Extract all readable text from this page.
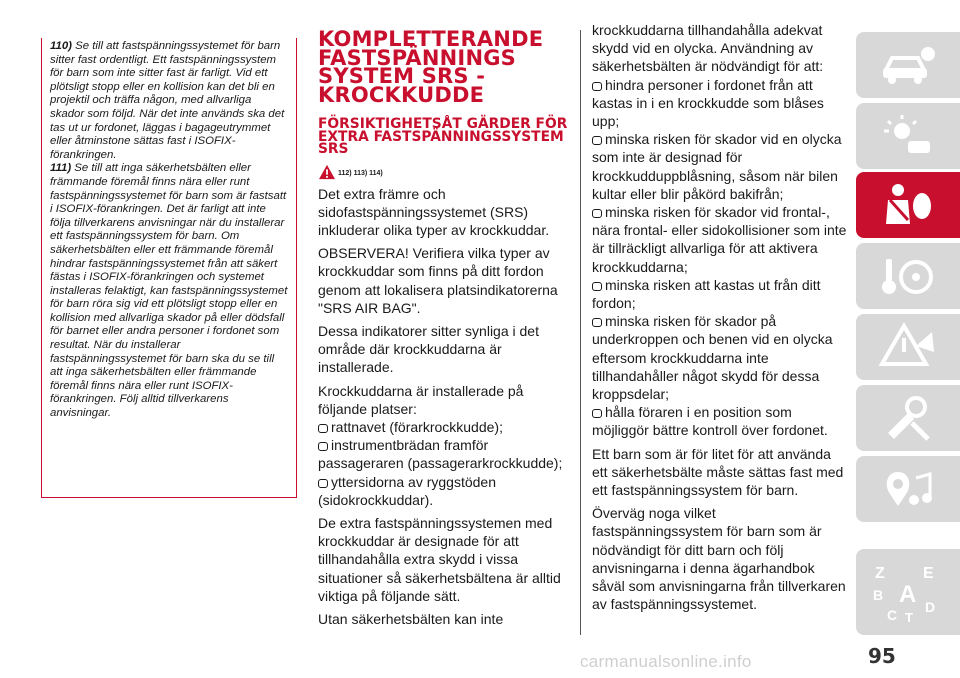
110) Se till att fastspänningssystemet för barn sitter fast ordentligt. Ett fastspänningssystem för barn som inte sitter fast är farligt. Vid ett plötsligt stopp eller en kollision kan det bli en projektil och träffa någon, med allvarliga skador som följd. När det inte används ska det tas ut ur fordonet, läggas i bagageutrymmet eller åtminstone sättas fast i ISOFIX-förankringen.

111) Se till att inga säkerhetsbälten eller främmande föremål finns nära eller runt fastspänningssystemet för barn som är fastsatt i ISOFIX-förankringen. Det är farligt att inte följa tillverkarens anvisningar när du installerar ett fastspänningssystem för barn. Om säkerhetsbälten eller ett främmande föremål hindrar fastspänningssystemet från att säkert fästas i ISOFIX-förankringen och systemet installeras felaktigt, kan fastspänningssystemet för barn röra sig vid ett plötsligt stopp eller en kollision med allvarliga skador på eller dödsfall för barnet eller andra personer i fordonet som resultat. När du installerar fastspänningssystemet för barn ska du se till att inga säkerhetsbälten eller främmande föremål finns nära eller runt ISOFIX-förankringen. Följ alltid tillverkarens anvisningar.

KOMPLETTERANDE FASTSPÄNNINGS SYSTEM SRS - KROCKKUDDE
FÖRSIKTIGHETSÅT GÄRDER FÖR EXTRA FASTSPÄNNINGSSYSTEM SRS
112) 113) 114)

Det extra främre och sidofastspänningssystemet (SRS) inkluderar olika typer av krockkuddar.

OBSERVERA! Verifiera vilka typer av krockkuddar som finns på ditt fordon genom att lokalisera platsindikatorerna "SRS AIR BAG".

Dessa indikatorer sitter synliga i det område där krockkuddarna är installerade.

Krockkuddarna är installerade på följande platser:

rattnavet (förarkrockkudde);
instrumentbrädan framför passageraren (passagerarkrockkudde);
yttersidorna av ryggstöden (sidokrockkuddar).

De extra fastspänningssystemen med krockkuddar är designade för att tillhandahålla extra skydd i vissa situationer så säkerhetsbältena är alltid viktiga på följande sätt.

Utan säkerhetsbälten kan inte

krockkuddarna tillhandahålla adekvat skydd vid en olycka. Användning av säkerhetsbälten är nödvändigt för att:

hindra personer i fordonet från att kastas in i en krockkudde som blåses upp;
minska risken för skador vid en olycka som inte är designad för krockkudduppblåsning, såsom när bilen kultar eller blir påkörd bakifrån;
minska risken för skador vid frontal-, nära frontal- eller sidokollisioner som inte är tillräckligt allvarliga för att aktivera krockkuddarna;
minska risken att kastas ut från ditt fordon;
minska risken för skador på underkroppen och benen vid en olycka eftersom krockkuddarna inte tillhandahåller något skydd för dessa kroppsdelar;
hålla föraren i en position som möjliggör bättre kontroll över fordonet.

Ett barn som är för litet för att använda ett säkerhetsbälte måste sättas fast med ett fastspänningssystem för barn.

Överväg noga vilket fastspänningssystem för barn som är nödvändigt för ditt barn och följ anvisningarna i denna ägarhandbok såväl som anvisningarna från tillverkaren av fastspänningssystemet.

Z E
B A
C D
T
95
carmanualsonline.info
